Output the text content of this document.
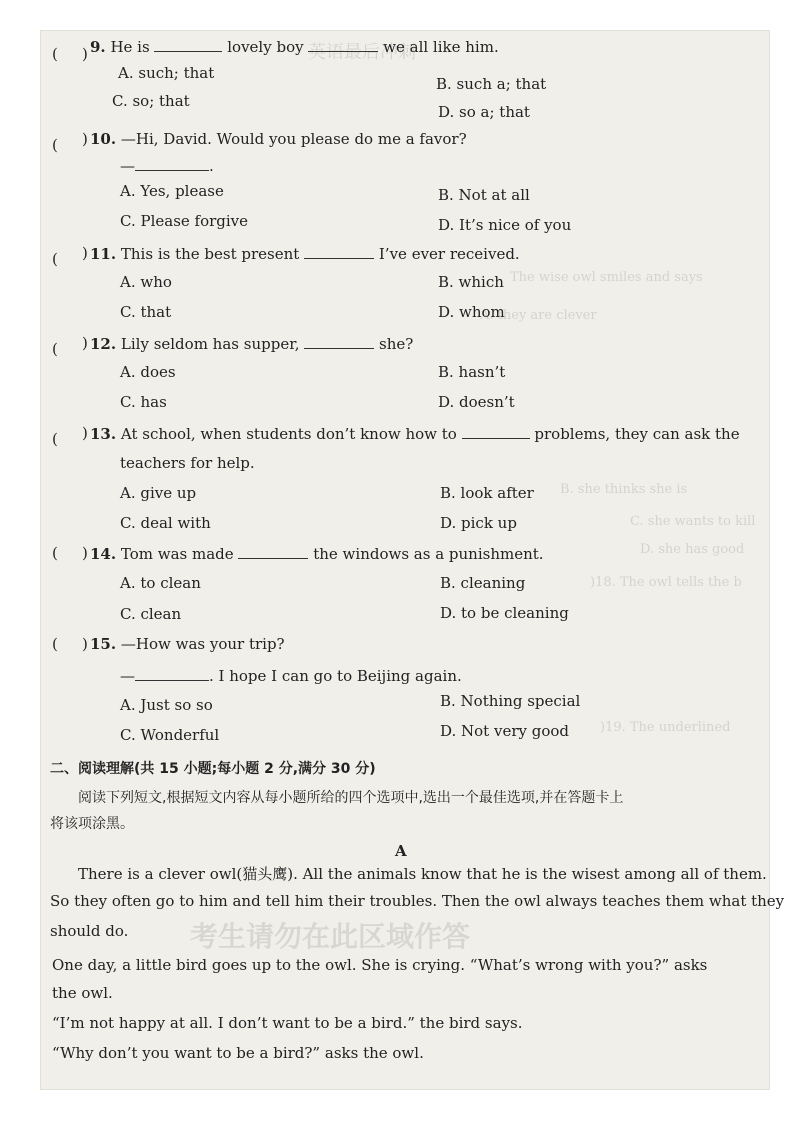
英语最后冲刺
The wise owl smiles and says
A. they are clever
B. she thinks she is
C. she wants to kill
D. she has good
)18. The owl tells the b
)19. The underlined
考生请勿在此区域作答
( ) 9. He is	lovely boy	we all like him.
A. such; that
B. such a; that
C. so; that
D. so a; that
( ) 10. —Hi, David. Would you please do me a favor?
—	.
A. Yes, please	B. Not at all
C. Please forgive	D. It’s nice of you
( ) 11. This is the best present	I’ve ever received.
A. who	B. which
C. that	D. whom
( ) 12. Lily seldom has supper,	she?
A. does	B. hasn’t
C. has	D. doesn’t
( ) 13. At school, when students don’t know how to	problems, they can ask the
teachers for help.
A. give up	B. look after
C. deal with	D. pick up
( ) 14. Tom was made	the windows as a punishment.
A. to clean	B. cleaning
C. clean	D. to be cleaning
( ) 15. —How was your trip?
—	. I hope I can go to Beijing again.
A. Just so so	B. Nothing special
C. Wonderful	D. Not very good
二、阅读理解(共 15 小题;每小题 2 分,满分 30 分)
阅读下列短文,根据短文内容从每小题所给的四个选项中,选出一个最佳选项,并在答题卡上
将该项涂黑。
A
There is a clever owl(猫头鹰). All the animals know that he is the wisest among all of them.
So they often go to him and tell him their troubles. Then the owl always teaches them what they
should do.
One day, a little bird goes up to the owl. She is crying. “What’s wrong with you?” asks
the owl.
“I’m not happy at all. I don’t want to be a bird.” the bird says.
“Why don’t you want to be a bird?” asks the owl.
